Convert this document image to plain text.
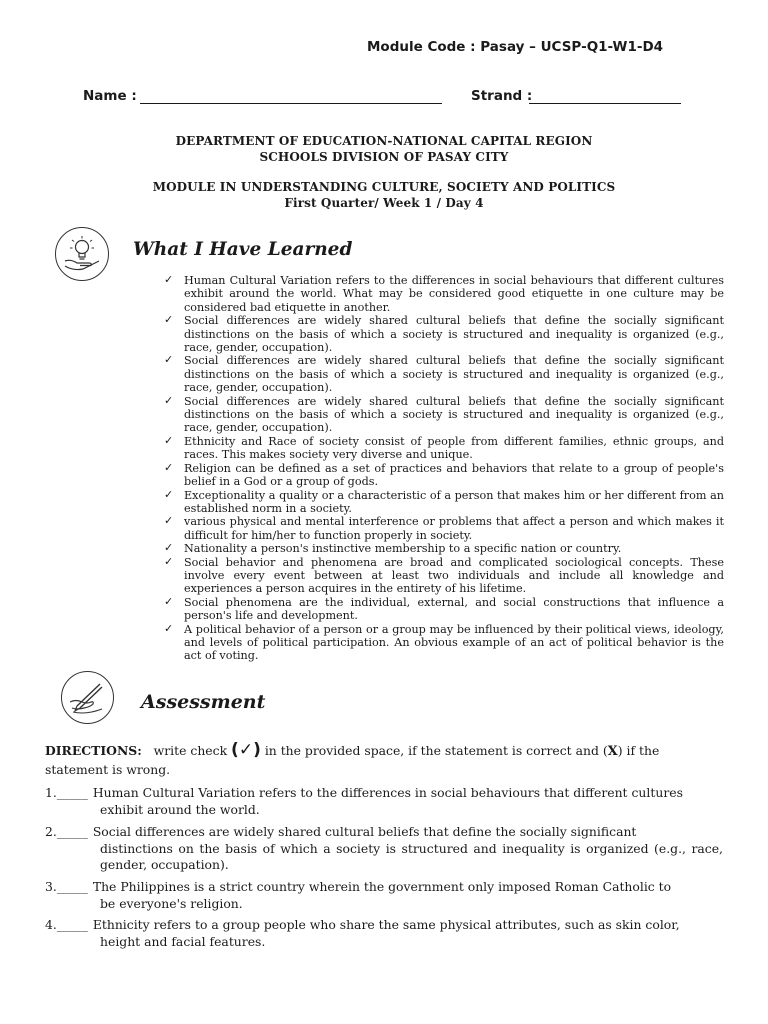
Module Code : Pasay – UCSP-Q1-W1-D4
Name :	Strand :
DEPARTMENT OF EDUCATION-NATIONAL CAPITAL REGION
SCHOOLS DIVISION OF PASAY CITY
MODULE IN UNDERSTANDING CULTURE, SOCIETY AND POLITICS
First Quarter/ Week 1 / Day 4
What I Have Learned
✓ Human Cultural Variation refers to the differences in social behaviours that different cultures exhibit around the world. What may be considered good etiquette in one culture may be considered bad etiquette in another.
✓ Social differences are widely shared cultural beliefs that define the socially significant distinctions on the basis of which a society is structured and inequality is organized (e.g., race, gender, occupation).
✓ Social differences are widely shared cultural beliefs that define the socially significant distinctions on the basis of which a society is structured and inequality is organized (e.g., race, gender, occupation).
✓ Social differences are widely shared cultural beliefs that define the socially significant distinctions on the basis of which a society is structured and inequality is organized (e.g., race, gender, occupation).
✓ Ethnicity and Race of society consist of people from different families, ethnic groups, and races. This makes society very diverse and unique.
✓ Religion can be defined as a set of practices and behaviors that relate to a group of people's belief in a God or a group of gods.
✓ Exceptionality a quality or a characteristic of a person that makes him or her different from an established norm in a society.
✓ various physical and mental interference or problems that affect a person and which makes it difficult for him/her to function properly in society.
✓ Nationality a person's instinctive membership to a specific nation or country.
✓ Social behavior and phenomena are broad and complicated sociological concepts. These involve every event between at least two individuals and include all knowledge and experiences a person acquires in the entirety of his lifetime.
✓ Social phenomena are the individual, external, and social constructions that influence a person's life and development.
✓ A political behavior of a person or a group may be influenced by their political views, ideology, and levels of political participation. An obvious example of an act of political behavior is the act of voting.
Assessment
DIRECTIONS: write check (✓) in the provided space, if the statement is correct and (X) if the statement is wrong.
1._____ Human Cultural Variation refers to the differences in social behaviours that different cultures
exhibit around the world.
2._____ Social differences are widely shared cultural beliefs that define the socially significant
distinctions on the basis of which a society is structured and inequality is organized (e.g., race, gender, occupation).
3._____ The Philippines is a strict country wherein the government only imposed Roman Catholic to
be everyone's religion.
4._____ Ethnicity refers to a group people who share the same physical attributes, such as skin color,
height and facial features.
